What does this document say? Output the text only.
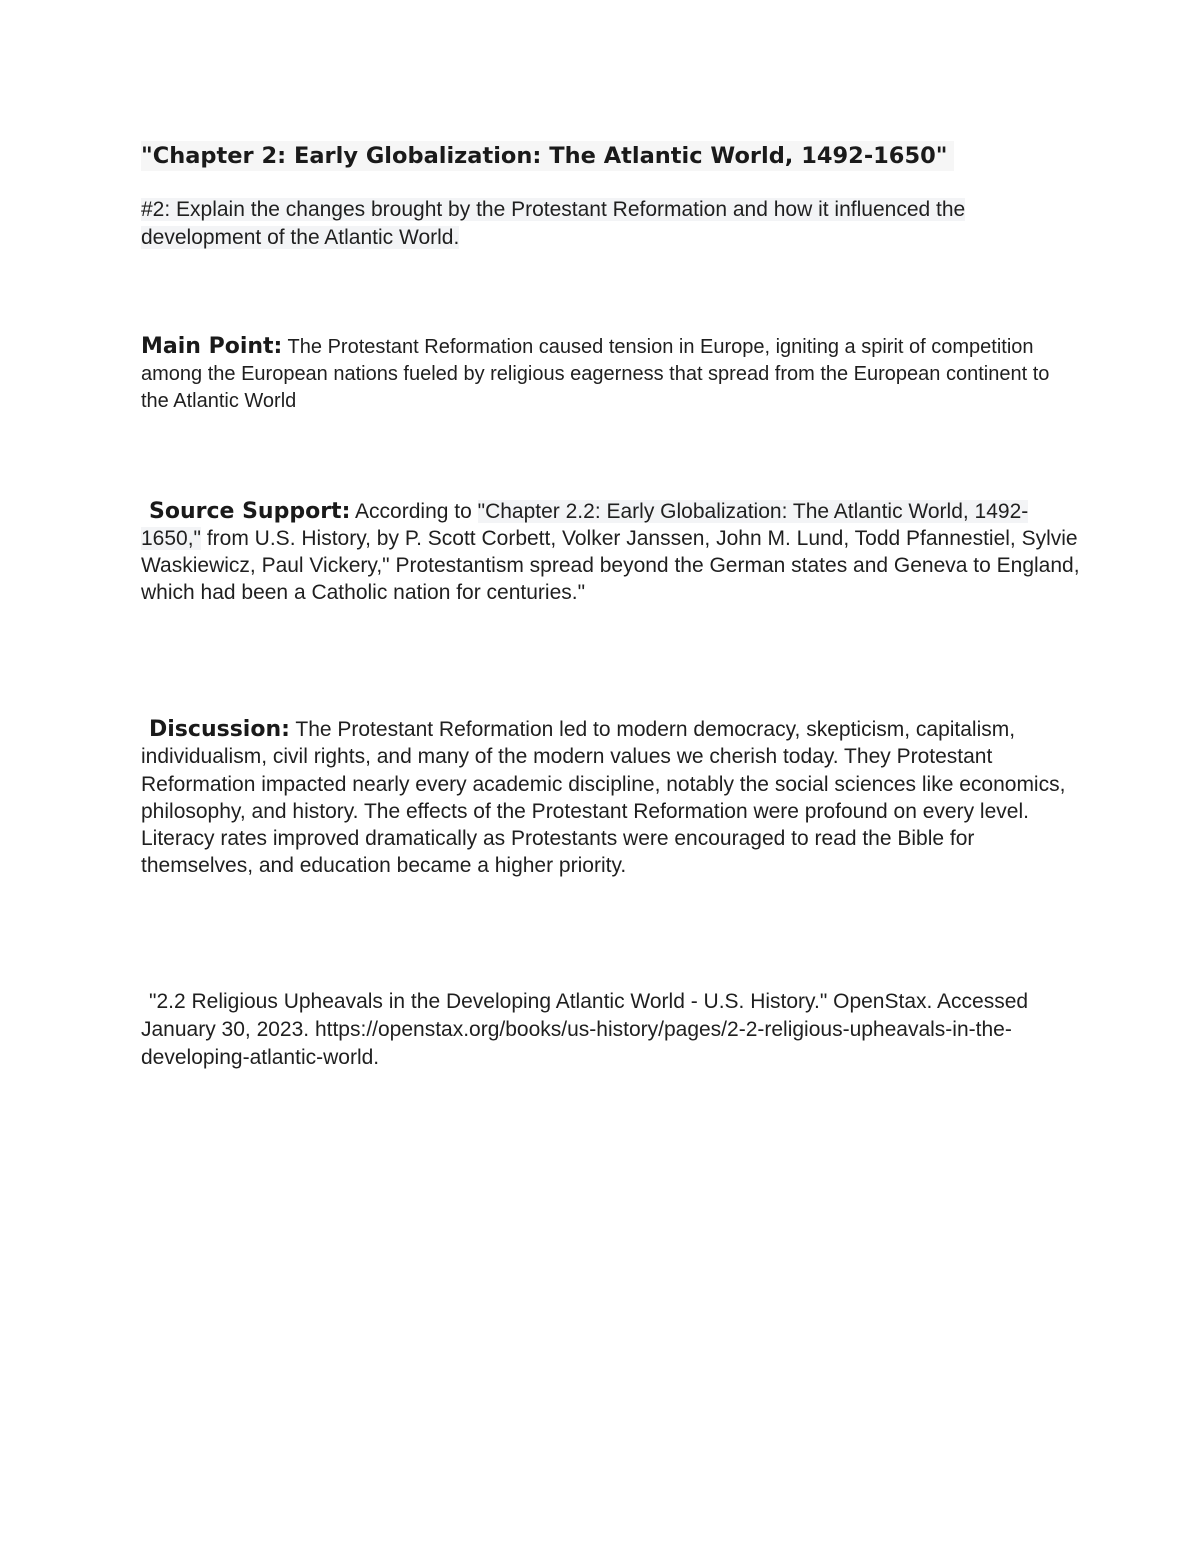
"Chapter 2: Early Globalization: The Atlantic World, 1492-1650"
#2: Explain the changes brought by the Protestant Reformation and how it influenced the development of the Atlantic World.
Main Point: The Protestant Reformation caused tension in Europe, igniting a spirit of competition among the European nations fueled by religious eagerness that spread from the European continent to the Atlantic World
Source Support: According to "Chapter 2.2: Early Globalization: The Atlantic World, 1492-1650," from U.S. History, by P. Scott Corbett, Volker Janssen, John M. Lund, Todd Pfannestiel, Sylvie Waskiewicz, Paul Vickery," Protestantism spread beyond the German states and Geneva to England, which had been a Catholic nation for centuries."
Discussion: The Protestant Reformation led to modern democracy, skepticism, capitalism, individualism, civil rights, and many of the modern values we cherish today. They Protestant Reformation impacted nearly every academic discipline, notably the social sciences like economics, philosophy, and history. The effects of the Protestant Reformation were profound on every level. Literacy rates improved dramatically as Protestants were encouraged to read the Bible for themselves, and education became a higher priority.
"2.2 Religious Upheavals in the Developing Atlantic World - U.S. History." OpenStax. Accessed January 30, 2023. https://openstax.org/books/us-history/pages/2-2-religious-upheavals-in-the-developing-atlantic-world.
